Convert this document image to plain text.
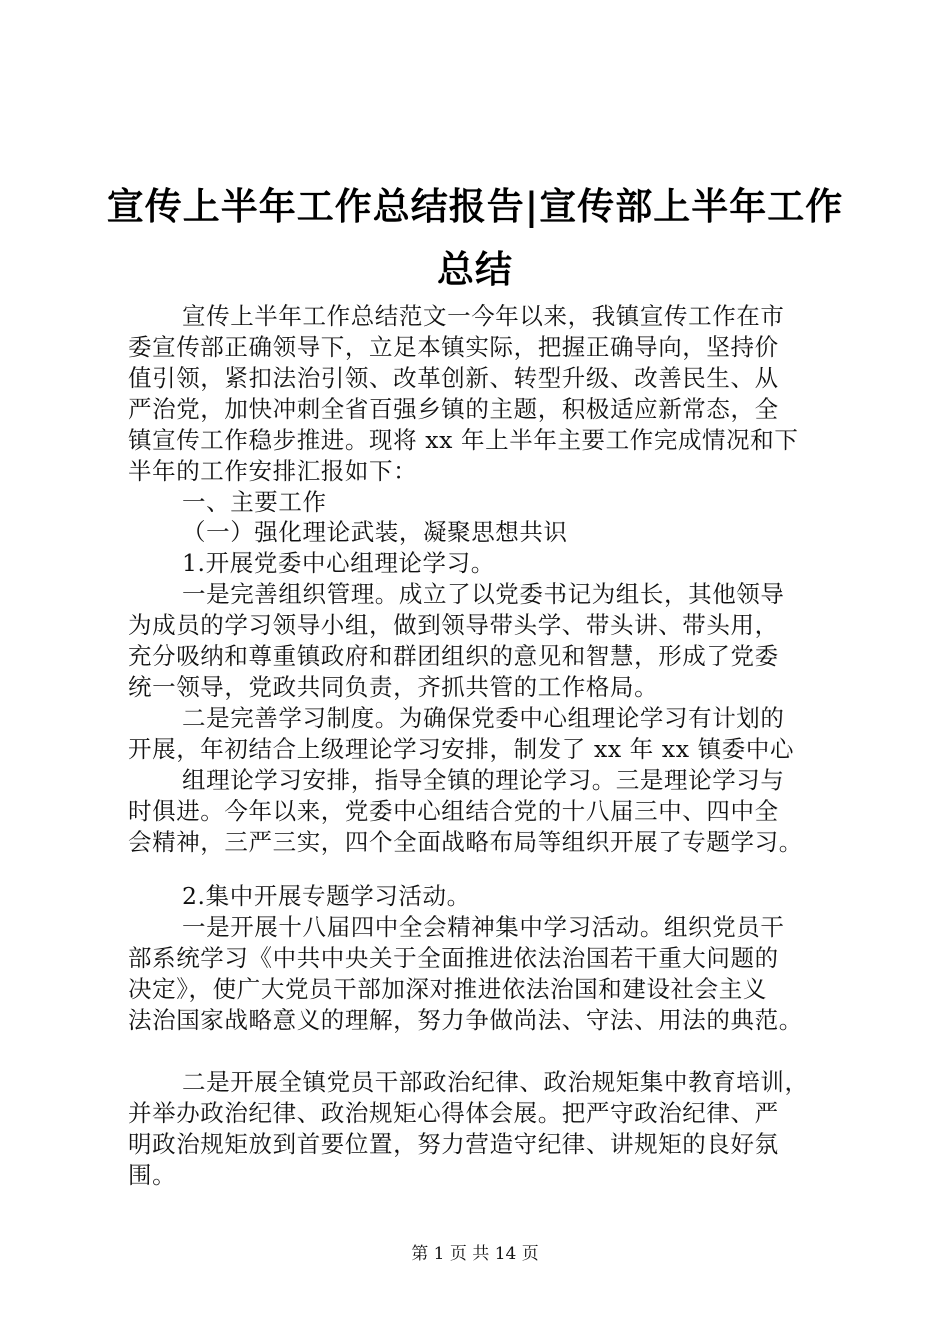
宣传上半年工作总结报告|宣传部上半年工作
总结
宣传上半年工作总结范文一今年以来，我镇宣传工作在市
委宣传部正确领导下，立足本镇实际，把握正确导向，坚持价
值引领，紧扣法治引领、改革创新、转型升级、改善民生、从
严治党，加快冲刺全省百强乡镇的主题，积极适应新常态，全
镇宣传工作稳步推进。现将 xx 年上半年主要工作完成情况和下
半年的工作安排汇报如下：
一、主要工作
（一）强化理论武装，凝聚思想共识
1.开展党委中心组理论学习。
一是完善组织管理。成立了以党委书记为组长，其他领导
为成员的学习领导小组，做到领导带头学、带头讲、带头用，
充分吸纳和尊重镇政府和群团组织的意见和智慧，形成了党委
统一领导，党政共同负责，齐抓共管的工作格局。
二是完善学习制度。为确保党委中心组理论学习有计划的
开展，年初结合上级理论学习安排，制发了 xx 年 xx 镇委中心
组理论学习安排，指导全镇的理论学习。三是理论学习与
时俱进。今年以来，党委中心组结合党的十八届三中、四中全
会精神，三严三实，四个全面战略布局等组织开展了专题学习。
2.集中开展专题学习活动。
一是开展十八届四中全会精神集中学习活动。组织党员干
部系统学习《中共中央关于全面推进依法治国若干重大问题的
决定》，使广大党员干部加深对推进依法治国和建设社会主义
法治国家战略意义的理解，努力争做尚法、守法、用法的典范。
二是开展全镇党员干部政治纪律、政治规矩集中教育培训，
并举办政治纪律、政治规矩心得体会展。把严守政治纪律、严
明政治规矩放到首要位置，努力营造守纪律、讲规矩的良好氛
围。
第 1 页 共 14 页
